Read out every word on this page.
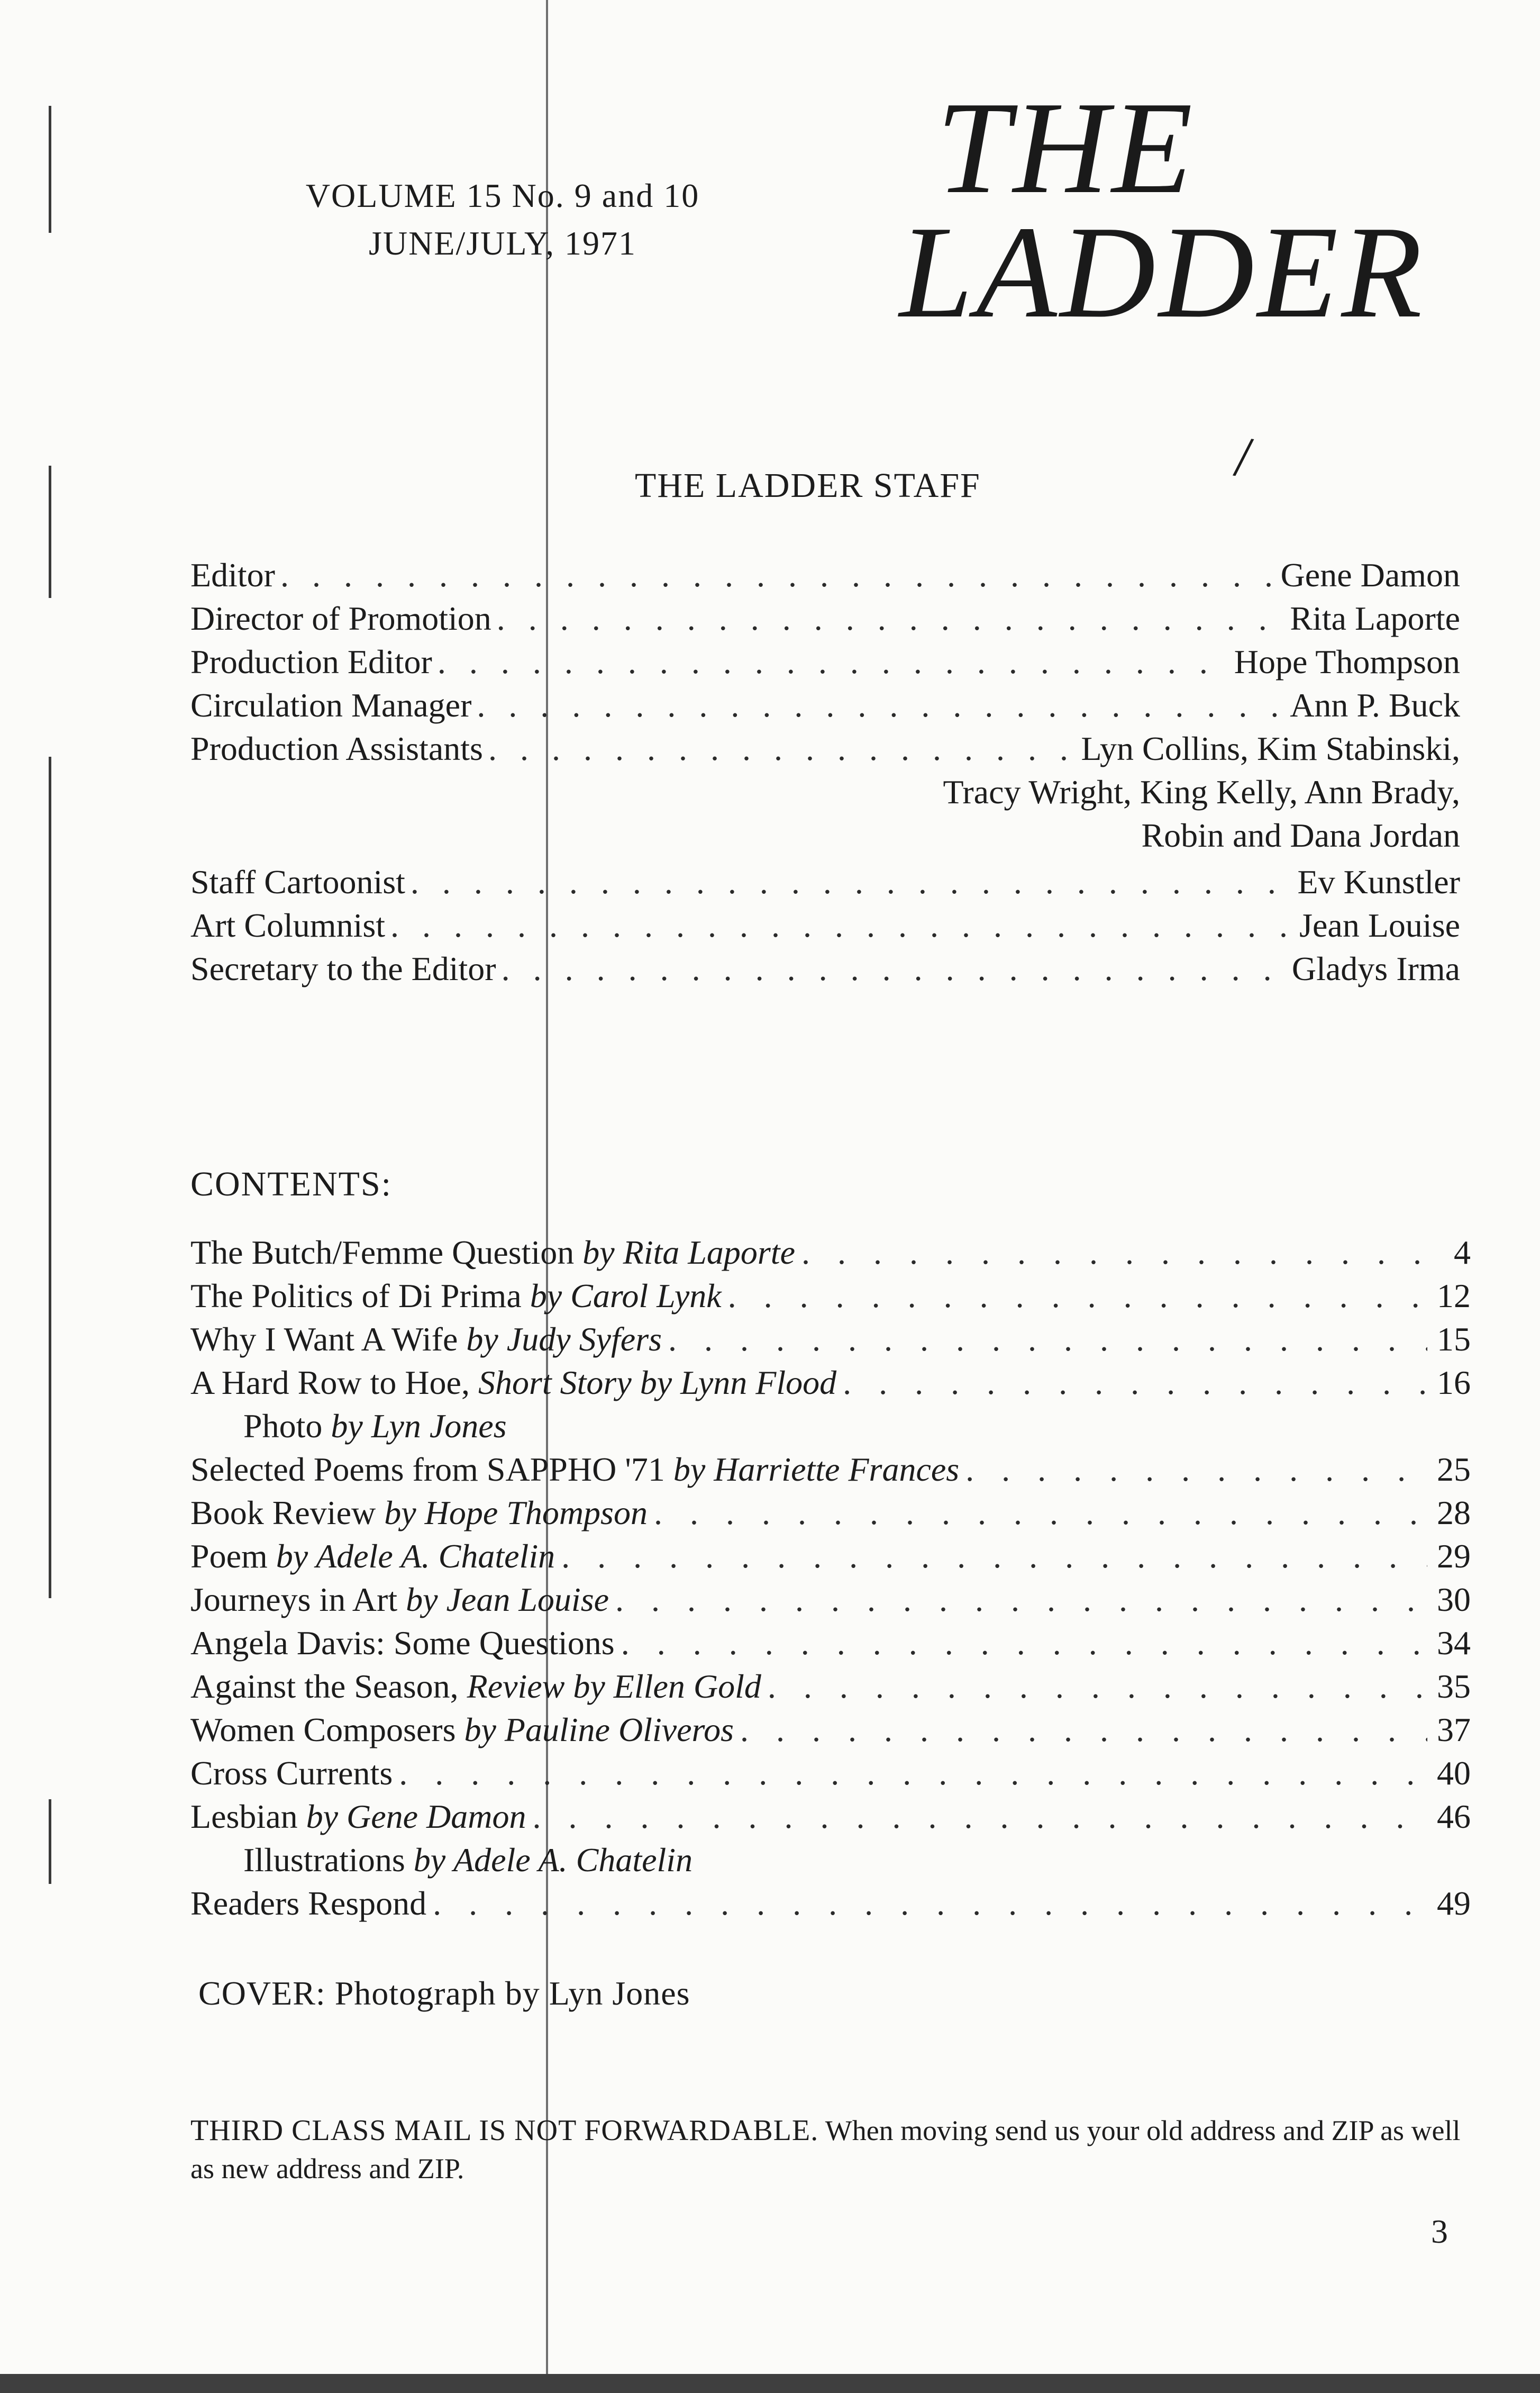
VOLUME 15 No. 9 and 10
JUNE/JULY, 1971
THE
LADDER
THE LADDER STAFF	/
Editor . . .	Gene Damon
Director of Promotion . . .	Rita Laporte
Production Editor . . .	Hope Thompson
Circulation Manager . . .	Ann P. Buck
Production Assistants . . .	Lyn Collins, Kim Stabinski,
Tracy Wright, King Kelly, Ann Brady,
Robin and Dana Jordan
Staff Cartoonist . . .	Ev Kunstler
Art Columnist . . .	Jean Louise
Secretary to the Editor . . .	Gladys Irma
CONTENTS:
The Butch/Femme Question by Rita Laporte . . .	4
The Politics of Di Prima by Carol Lynk . . .	12
Why I Want A Wife by Judy Syfers . . .	15
A Hard Row to Hoe, Short Story by Lynn Flood . . .	16
Photo by Lyn Jones
Selected Poems from SAPPHO '71 by Harriette Frances . . .	25
Book Review by Hope Thompson . . .	28
Poem by Adele A. Chatelin . . .	29
Journeys in Art by Jean Louise . . .	30
Angela Davis: Some Questions . . .	34
Against the Season, Review by Ellen Gold . . .	35
Women Composers by Pauline Oliveros . . .	37
Cross Currents . . .	40
Lesbian by Gene Damon . . .	46
Illustrations by Adele A. Chatelin
Readers Respond . . .	49
COVER: Photograph by Lyn Jones
THIRD CLASS MAIL IS NOT FORWARDABLE. When moving send us your old address and ZIP as well as new address and ZIP.
3
